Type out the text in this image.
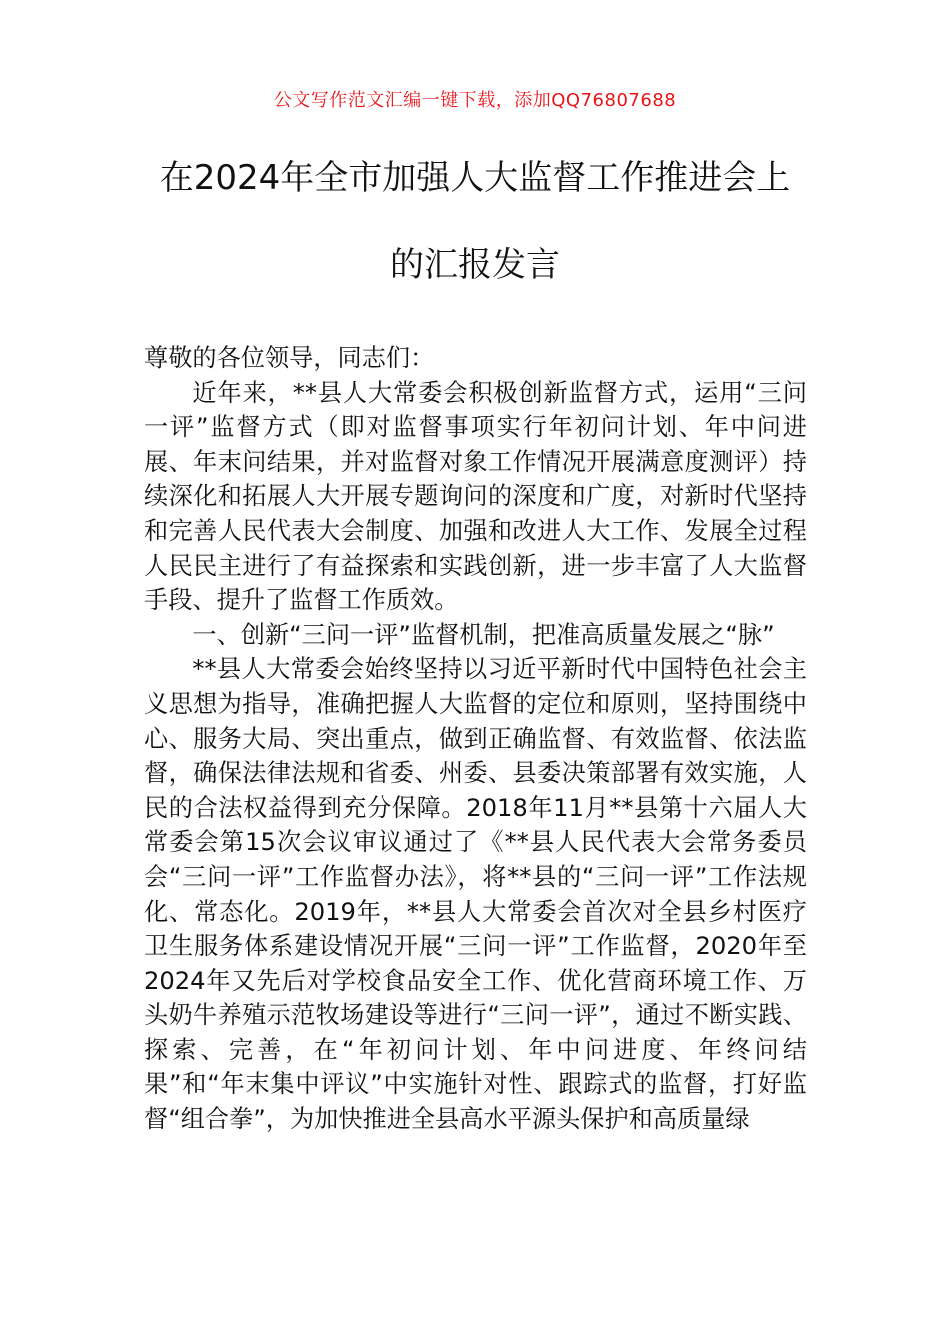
公文写作范文汇编一键下载，添加QQ76807688
在2024年全市加强人大监督工作推进会上
的汇报发言

尊敬的各位领导，同志们：

近年来，**县人大常委会积极创新监督方式，运用“三问一评”监督方式（即对监督事项实行年初问计划、年中问进展、年末问结果，并对监督对象工作情况开展满意度测评）持续深化和拓展人大开展专题询问的深度和广度，对新时代坚持和完善人民代表大会制度、加强和改进人大工作、发展全过程人民民主进行了有益探索和实践创新，进一步丰富了人大监督手段、提升了监督工作质效。

一、创新“三问一评”监督机制，把准高质量发展之“脉”

**县人大常委会始终坚持以习近平新时代中国特色社会主义思想为指导，准确把握人大监督的定位和原则，坚持围绕中心、服务大局、突出重点，做到正确监督、有效监督、依法监督，确保法律法规和省委、州委、县委决策部署有效实施，人民的合法权益得到充分保障。2018年11月**县第十六届人大常委会第15次会议审议通过了《**县人民代表大会常务委员会“三问一评”工作监督办法》，将**县的“三问一评”工作法规化、常态化。2019年，**县人大常委会首次对全县乡村医疗卫生服务体系建设情况开展“三问一评”工作监督，2020年至2024年又先后对学校食品安全工作、优化营商环境工作、万头奶牛养殖示范牧场建设等进行“三问一评”，通过不断实践、探索、完善，在“年初问计划、年中问进度、年终问结果”和“年末集中评议”中实施针对性、跟踪式的监督，打好监督“组合拳”，为加快推进全县高水平源头保护和高质量绿
